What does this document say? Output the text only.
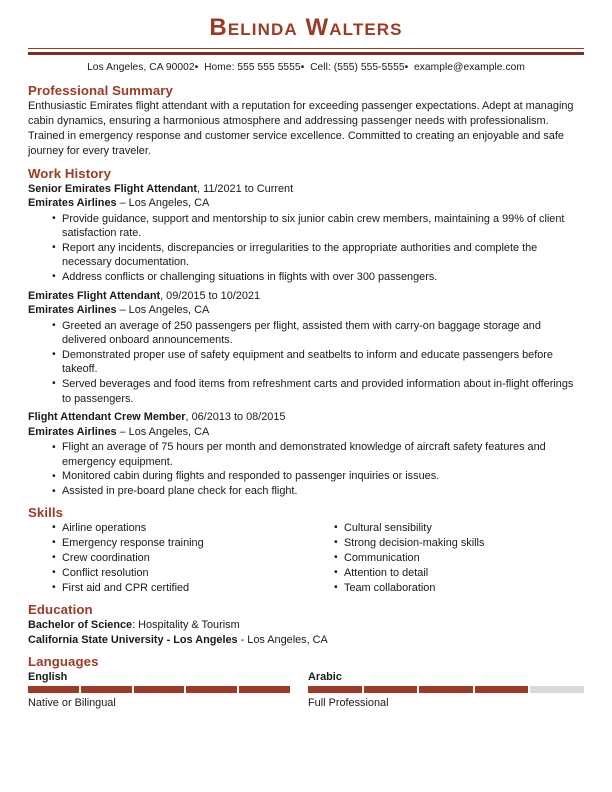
Belinda Walters
Los Angeles, CA 90002• Home: 555 555 5555• Cell: (555) 555-5555• example@example.com
Professional Summary

Enthusiastic Emirates flight attendant with a reputation for exceeding passenger expectations. Adept at managing cabin dynamics, ensuring a harmonious atmosphere and addressing passenger needs with professionalism. Trained in emergency response and customer service excellence. Committed to creating an enjoyable and safe journey for every traveler.

Work History
Senior Emirates Flight Attendant, 11/2021 to Current
Emirates Airlines – Los Angeles, CA
• Provide guidance, support and mentorship to six junior cabin crew members, maintaining a 99% of client satisfaction rate.
• Report any incidents, discrepancies or irregularities to the appropriate authorities and complete the necessary documentation.
• Address conflicts or challenging situations in flights with over 300 passengers.
Emirates Flight Attendant, 09/2015 to 10/2021
Emirates Airlines – Los Angeles, CA
• Greeted an average of 250 passengers per flight, assisted them with carry-on baggage storage and delivered onboard announcements.
• Demonstrated proper use of safety equipment and seatbelts to inform and educate passengers before takeoff.
• Served beverages and food items from refreshment carts and provided information about in-flight offerings to passengers.
Flight Attendant Crew Member, 06/2013 to 08/2015
Emirates Airlines – Los Angeles, CA
• Flight an average of 75 hours per month and demonstrated knowledge of aircraft safety features and emergency equipment.
• Monitored cabin during flights and responded to passenger inquiries or issues.
• Assisted in pre-board plane check for each flight.
Skills
• Airline operations
• Emergency response training
• Crew coordination
• Conflict resolution
• First aid and CPR certified
• Cultural sensibility
• Strong decision-making skills
• Communication
• Attention to detail
• Team collaboration
Education
Bachelor of Science: Hospitality & Tourism
California State University - Los Angeles - Los Angeles, CA
Languages
English
Native or Bilingual
Arabic
Full Professional
